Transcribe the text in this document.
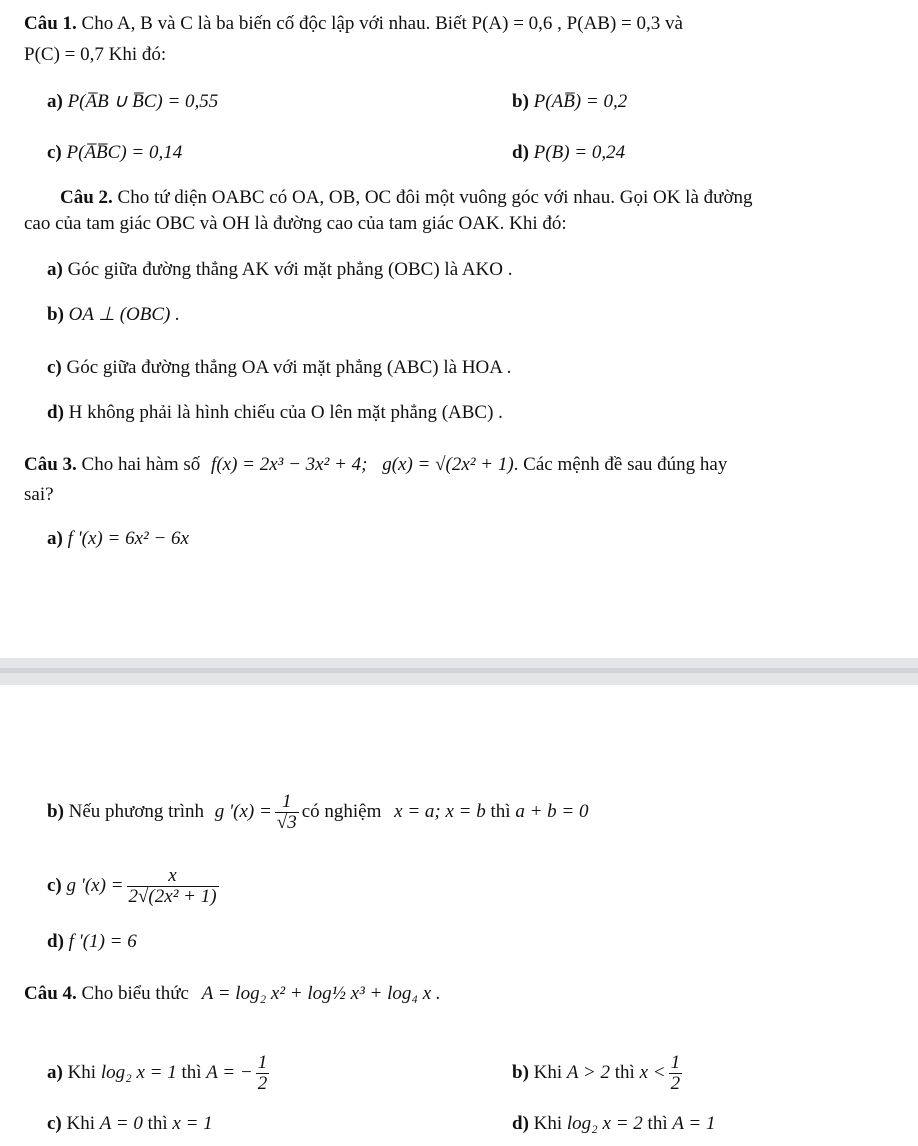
Câu 1. Cho A, B và C là ba biến cố độc lập với nhau. Biết P(A) = 0,6 , P(AB) = 0,3 và
P(C) = 0,7 Khi đó:
a) P(A̅B ∪ B̅C) = 0,55	b) P(AB̅) = 0,2
c) P(A̅B̅C) = 0,14	d) P(B) = 0,24
Câu 2. Cho tứ diện OABC có OA, OB, OC đôi một vuông góc với nhau. Gọi OK là đường
cao của tam giác OBC và OH là đường cao của tam giác OAK. Khi đó:
a) Góc giữa đường thẳng AK với mặt phẳng (OBC) là AKO .
b) OA ⊥ (OBC) .
c) Góc giữa đường thẳng OA với mặt phẳng (ABC) là HOA .
d) H không phải là hình chiếu của O lên mặt phẳng (ABC) .
Câu 3. Cho hai hàm số f(x) = 2x³ − 3x² + 4; g(x) = √(2x² + 1). Các mệnh đề sau đúng hay
sai?
a) f '(x) = 6x² − 6x
b) Nếu phương trình g '$(x) = \frac{1}{√3}$ có nghiệm x = a; x = b thì a + b = 0
c) g '$(x) = \frac{x}{\text{2√(2x² + 1)}}$
d) f '(1) = 6
Câu 4. Cho biểu thức A = log₂ x² + log½ x³ + log₄ x .
a) Khi log₂ x = 1 thì A = − $\frac{1}{2}$	b) Khi A > 2 thì $x < \frac{1}{2}$
c) Khi A = 0 thì x = 1	d) Khi log₂ x = 2 thì A = 1
